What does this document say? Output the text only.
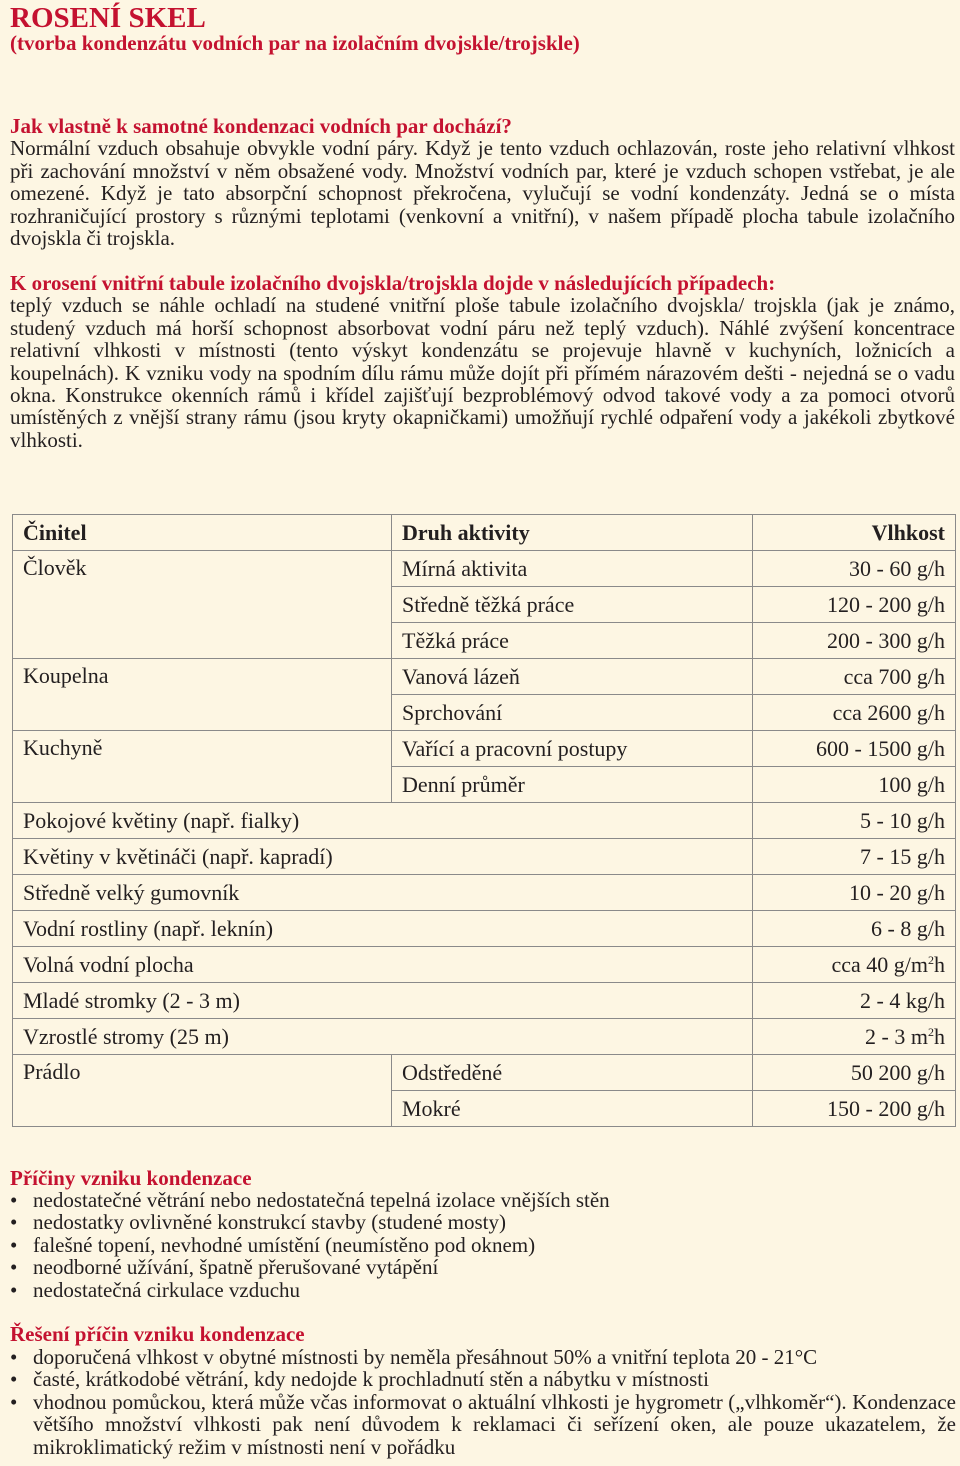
ROSENÍ SKEL
(tvorba kondenzátu vodních par na izolačním dvojskle/trojskle)

Jak vlastně k samotné kondenzaci vodních par dochází?
Normální vzduch obsahuje obvykle vodní páry. Když je tento vzduch ochlazován, roste jeho relativní vlhkost při zachování množství v něm obsažené vody. Množství vodních par, které je vzduch schopen vstřebat, je ale omezené. Když je tato absorpční schopnost překročena, vylučují se vodní kondenzáty. Jedná se o místa rozhraničující prostory s různými teplotami (venkovní a vnitřní), v našem případě plocha tabule izolačního dvojskla či trojskla.

K orosení vnitřní tabule izolačního dvojskla/trojskla dojde v následujících případech:
teplý vzduch se náhle ochladí na studené vnitřní ploše tabule izolačního dvojskla/ trojskla (jak je známo, studený vzduch má horší schopnost absorbovat vodní páru než teplý vzduch). Náhlé zvýšení koncentrace relativní vlhkosti v místnosti (tento výskyt kondenzátu se projevuje hlavně v kuchyních, ložnicích a koupelnách). K vzniku vody na spodním dílu rámu může dojít při přímém nárazovém dešti - nejedná se o vadu okna. Konstrukce okenních rámů i křídel zajišťují bezproblémový odvod takové vody a za pomoci otvorů umístěných z vnější strany rámu (jsou kryty okapničkami) umožňují rychlé odpaření vody a jakékoli zbytkové vlhkosti.

Činitel	Druh aktivity	Vlhkost
Člověk	Mírná aktivita	30 - 60 g/h
	Středně těžká práce	120 - 200 g/h
	Těžká práce	200 - 300 g/h
Koupelna	Vanová lázeň	cca 700 g/h
	Sprchování	cca 2600 g/h
Kuchyně	Vařící a pracovní postupy	600 - 1500 g/h
	Denní průměr	100 g/h
Pokojové květiny (např. fialky)		5 - 10 g/h
Květiny v květináči (např. kapradí)		7 - 15 g/h
Středně velký gumovník		10 - 20 g/h
Vodní rostliny (např. leknín)		6 - 8 g/h
Volná vodní plocha		cca 40 $g/m^2h$
Mladé stromky (2 - 3 m)		2 - 4 kg/h
Vzrostlé stromy (25 m)		2 - 3 $m^2h$
Prádlo	Odstředěné	50 200 g/h
	Mokré	150 - 200 g/h
Příčiny vzniku kondenzace
• nedostatečné větrání nebo nedostatečná tepelná izolace vnějších stěn
• nedostatky ovlivněné konstrukcí stavby (studené mosty)
• falešné topení, nevhodné umístění (neumístěno pod oknem)
• neodborné užívání, špatně přerušované vytápění
• nedostatečná cirkulace vzduchu
Řešení příčin vzniku kondenzace
• doporučená vlhkost v obytné místnosti by neměla přesáhnout 50% a vnitřní teplota 20 - 21°C
• časté, krátkodobé větrání, kdy nedojde k prochladnutí stěn a nábytku v místnosti
• vhodnou pomůckou, která může včas informovat o aktuální vlhkosti je hygrometr („vlhkoměr“). Kondenzace většího množství vlhkosti pak není důvodem k reklamaci či seřízení oken, ale pouze ukazatelem, že mikroklimatický režim v místnosti není v pořádku
